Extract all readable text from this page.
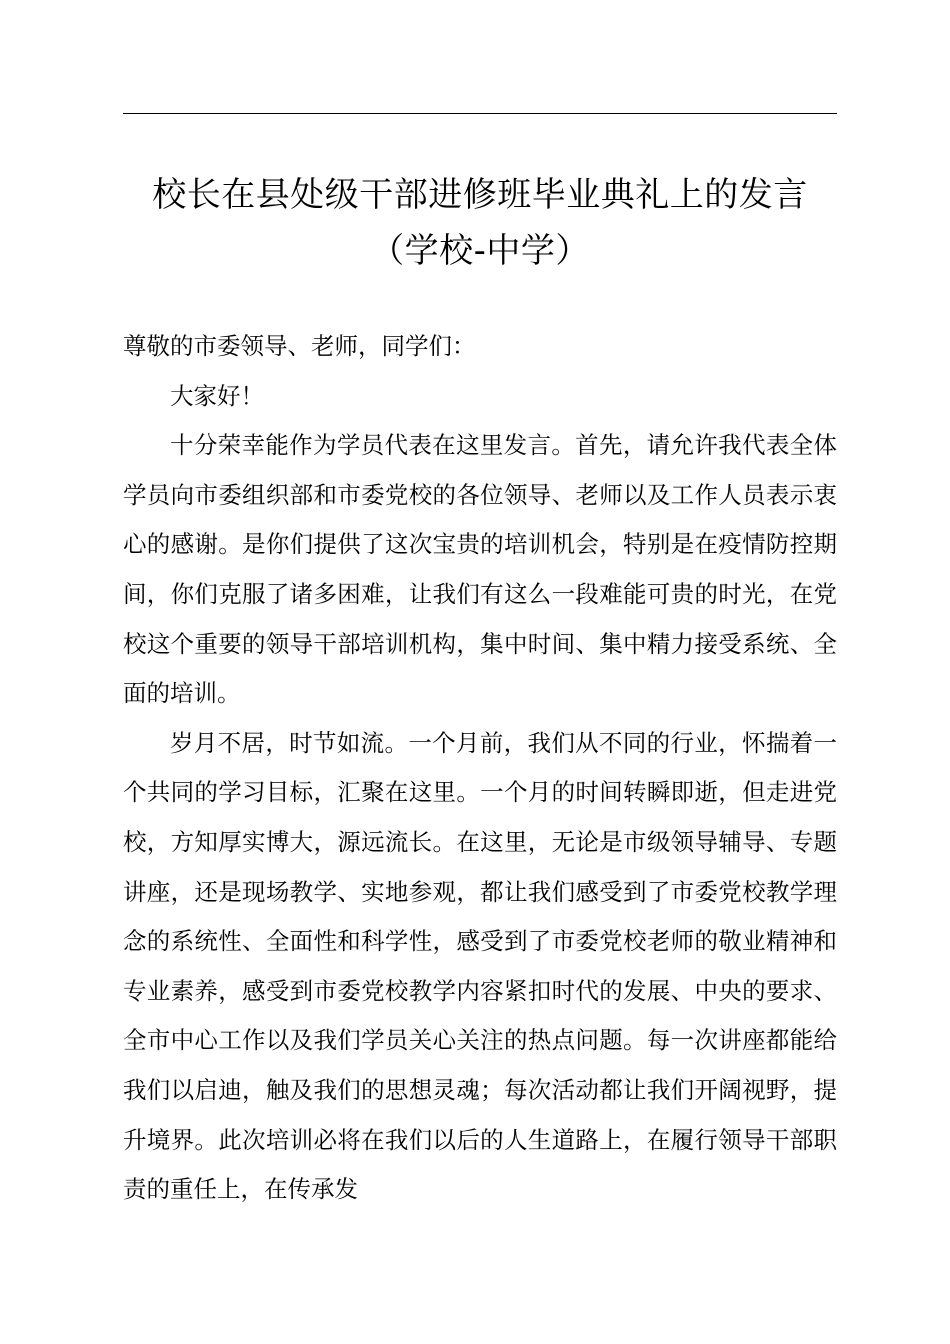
校长在县处级干部进修班毕业典礼上的发言
（学校-中学）

尊敬的市委领导、老师，同学们：

大家好！

十分荣幸能作为学员代表在这里发言。首先，请允许我代表全体学员向市委组织部和市委党校的各位领导、老师以及工作人员表示衷心的感谢。是你们提供了这次宝贵的培训机会，特别是在疫情防控期间，你们克服了诸多困难，让我们有这么一段难能可贵的时光，在党校这个重要的领导干部培训机构，集中时间、集中精力接受系统、全面的培训。

岁月不居，时节如流。一个月前，我们从不同的行业，怀揣着一个共同的学习目标，汇聚在这里。一个月的时间转瞬即逝，但走进党校，方知厚实博大，源远流长。在这里，无论是市级领导辅导、专题讲座，还是现场教学、实地参观，都让我们感受到了市委党校教学理念的系统性、全面性和科学性，感受到了市委党校老师的敬业精神和专业素养，感受到市委党校教学内容紧扣时代的发展、中央的要求、全市中心工作以及我们学员关心关注的热点问题。每一次讲座都能给我们以启迪，触及我们的思想灵魂；每次活动都让我们开阔视野，提升境界。此次培训必将在我们以后的人生道路上，在履行领导干部职责的重任上，在传承发
